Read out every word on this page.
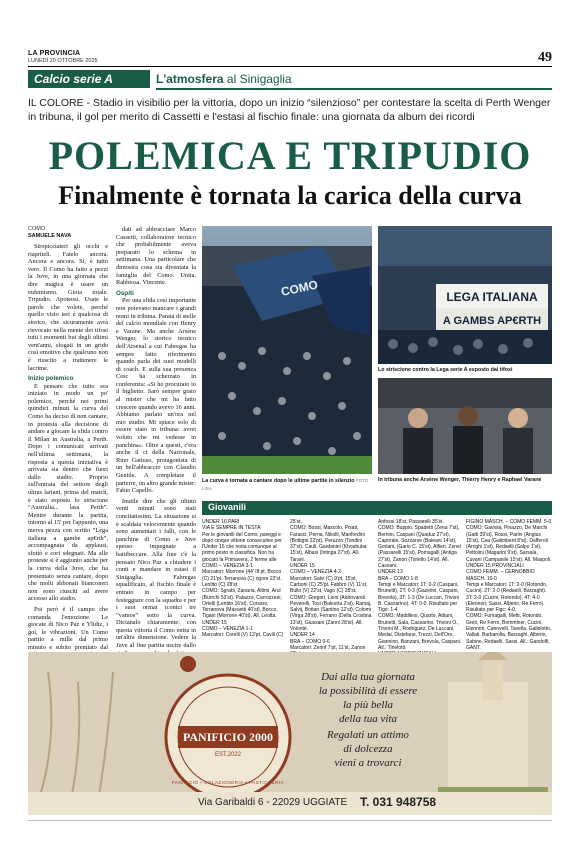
LA PROVINCIA
LUNEDÌ 20 OTTOBRE 2025	49
Calcio serie A	L'atmosfera al Sinigaglia
IL COLORE - Stadio in visibilio per la vittoria, dopo un inizio “silenzioso” per contestare la scelta di Perth Wenger in tribuna, il gol per merito di Cassetti e l'estasi al fischio finale: una giornata da album dei ricordi
POLEMICA E TRIPUDIO
Finalmente è tornata la carica della curva
COMO
SAMUELE NAVA

Stropicciateri gli occhi e riapriteli. Fatelo ancora. Ancora e ancora. Sì, è tutto vero. Il Como ha fatto a pezzi la Juve, in una giornata che dire magica è usare un eufemismo. Gioia totale. Tripudio. Apoteosi. Usate le parole che volete, perché quello visto ieri è qualcosa di storico, che sicuramente avrà rievocato nella mente dei tifosi tutti i momenti bui degli ultimi vent'anni, sfogati in un grido così emotivo che qualcuno non è riuscito a trattenere le lacrime.

Inizio polemico

E pensare che tutto era iniziato in modo un po' polemico, perché nei primi quindici minuti la curva del Como ha deciso di non cantare, in protesta alla decisione di andare a giocare la sfida contro il Milan in Australia, a Perth. Dopo i comunicati arrivati nell'ultima settimana, la risposta a questa iniziativa è arrivata sia dentro che fuori dallo stadio. Proprio sull'entrata del settore degli ultras lariani, prima del match, è stato esposto lo striscione “Australia... lasa Perth”. Mentre durante la partita, intorno al 15' per l'appunto, una nuova pezza con scritto “Lèga italiana a gambe ap€rth”, accompagnata da applausi, sfottò e cori sdegnati. Ma alle proteste si è aggiunto anche per la curva della Juve, che ha presentato senza cantare, dopo che molti abbonati bianconeri non sono riusciti ad avere accesso allo stadio.

Poi però è il campo che comanda l'emozione. Le giocate di Nico Paz e Ylidiz, i gol, le vibrazioni. Un Como partito a mille dal primo minuto e subito premiato dal

dati ad abbracciare Marco Cassetti, collaboratore tecnico che probabilmente aveva preparato lo schema in settimana. Una particolare che dimostra cosa sia diventata la famiglia del Como. Unita. Rabbiosa. Vincente.

Ospiti

Per una sfida così importante non potevano mancare i grandi nomi in tribuna. Parata di stelle del calcio mondiale con Henry e Varane. Ma anche Arsène Wenger, lo storico tecnico dell'Arsenal a cui Fabregas ha sempre fatto riferimento quando parla dei suoi modelli di coach. E sulla sua presenza Cesc ha scherzato in conferenza: «Si ho procurato io il biglietto. Sarò sempre grato al mister che mi ha fatto crescere quando avevo 16 anni. Abbiamo parlato un'ora nel mio studio. Mi spiace solo di essere stato in tribuna: avrei voluto che mi vedesse in panchina». Oltre a questi, c'era anche il ct della Nazionale, Rino Gattuso, protagonista di un bell'abbraccio con Claudio Gentile. A completare il parterre, un altro grande mister: Fabio Capello.

Inutile dire che gli ultimi venti minuti sono stati concitatissimi. La situazione si è scaldata velocemente quando sono aumentati i falli, con le panchine di Como e Juve spesso impegnate a battibeccare. Alla fine c'è la pensato Nico Paz a chiudere i conti e mandare in estasi il Sinigaglia. Fabregas squalificato, al fischio finale è entrato in campo per festeggiare con la squadra e per i suoi ormai iconici tre “vamos” sotto la curva. Dicianalo chiaramente: con questa vittoria il Como entra in un'altra dimensione. Vedere la Juve al fine partita uscire dallo

COMO
La curva è tornata a cantare dopo le ultime partite in silenzio FOTO LISA
LEGA ITALIANA
A GAMBS AP€RTH
Lo striscione contro la Lega serie A esposto dai tifosi
In tribuna anche Arsène Wenger, Thierry Henry e Raphael Varane
Giovanili
UNDER 16 PARI
VIA E SEMPRE IN TESTA
Per le giovanili del Como, pareggi e dopo cinque vittorie consecutive per l'Under 16 che resta comunque al primo posto in classifica. Non ha giocato la Primavera, 2 ferme alle
COMO – VENEZIA 3-1
Marcatori: Morrone (44' Ilf pt, Bocco (C) 21'pt. Terranova (C) rigore 22'st. Lentito (C) 28'st.
COMO: Sgrabi, Zanaria, Altimi, Arul (Burrchi 53'st). Palazzo, Carrozzani, Ortelli (Lentito 16'st), Corsaro, Terranova (Masuetti 40'st), Bocco, Tigani (Morrone 40'st). All. Leotta.
UNDER 15
COMO – VENEZIA 1-1
Marcatori: Corelli (V) 13'pt, Cavili (C)
25'st.
COMO: Bossi, Mascolo, Pisati, Farasci, Perna, Nikolli, Manfredini (Bottigni 22'pt), Peruzzo (Tondini 37'st), Cauli, Gardanini (Khoububa 15'st), Albasi (Intinga 27'st). All. Tarani.
UNDER 15
COMO – VENEZIA 4-2
Marcatori: Salvi (C) 9'pt, 15'pt, Carboni (C) 25'pt, Fabbro (V) 11'st, Bullo (V) 22'st, Vago (C) 28'st.
COMO: Gregori, Lioni (Aldrovandi Peverelli, Tosi (Balestra 2'st), Ramaj, Salvij, Bottan (Santino 12'st), Colomi (Virga 28'st), Ferrario (Della Crostina 13'st), Giussani (Zanni 28'st). All. Volonté.
UNDER 14
BRA – COMO 0-6
Marcatori: Zennf 7'pt, 11'st, Zanon
Anfossi 18'st, Passarelli 35'st.
COMO: Buppio, Spadetti (Zena 7'st), Bernini, Caspani (Quaduz 27'st), Caporale, Sozzarse (Baleani 14'st), Gorlani, (Gario C. 15'st), Alfieri, Zenel (Passarelli 15'st), Pomagalli (Antiga 27'st), Zanon (Toriello 14'st). All. Cassani.
UNDER 13
BRA – COMO 1-8
Tempi e Marcatori: 1T: 0-2 (Caspani, Brunetti), 2T: 0-3 (Gazetini, Caspani, Brevola), 3T: 1-3 (De Luccan, Trivoni B. Cassarino). 4T: 0-0. Risultato per Tigo: 1-4
COMO: Maddilesi, Quarto, Attiani, Brunetti, Sala, Cassarino, Trivoni O., Trivoni M., Rodriguez, De Luccani, Medai, Distefano, Trezzi, Dell'Oro, Giannino, Banzani, Brevola, Caspani. All.: Tinelotti.

FIGINO MASCH. – COMO FEMM. 5-0
COMO: Gaviola, Pinazzo, De Marchi (Gatti 39'st), Rossi, Parini (Angius 15'st), Cea (Galimberti 8'st), Dafferoli (Arrighi 1'st), Redaelli (Salpo 1'st), Pettolini (Magarini 9'st), Sarsala, Cuvani (Campanile 15'st). All. Maspoli.
UNDER 15 PROVINCIALI
COMO FEMM. – CERNOBBIO MASCH. 10-0
Tempi e Marcatori: 1T: 2-0 (Rotondo, Cucini). 2T: 2-0 (Redaelli, Barzaghi). 3T: 2-0 (Cucini, Rotondo). 4T: 4-0 (Eleonori, Sassi, Alberio, Re Ferro). Risultato per Figc: 4-0.
COMO: Fumagalli, Metti, Rotondo, Greti, Re Ferro, Bomminer, Cucini, Eleonori, Canovelli, Tavella, Gallelotto, Vallati, Barbarolla, Barzaghi, Alberio, Sabino, Redaelli, Sassi. All.: Gandolfi, GANT.
PANIFICIO 2000
EST.2022
PANIFICIO • COLAZIONERIA • PASTICCERIA
Dai alla tua giornata
la possibilità di essere
la più bella
della tua vita
Regalati un attimo
di dolcezza
vieni a trovarci
Via Garibaldi 6 - 22029 UGGIATE	T. 031 948758
